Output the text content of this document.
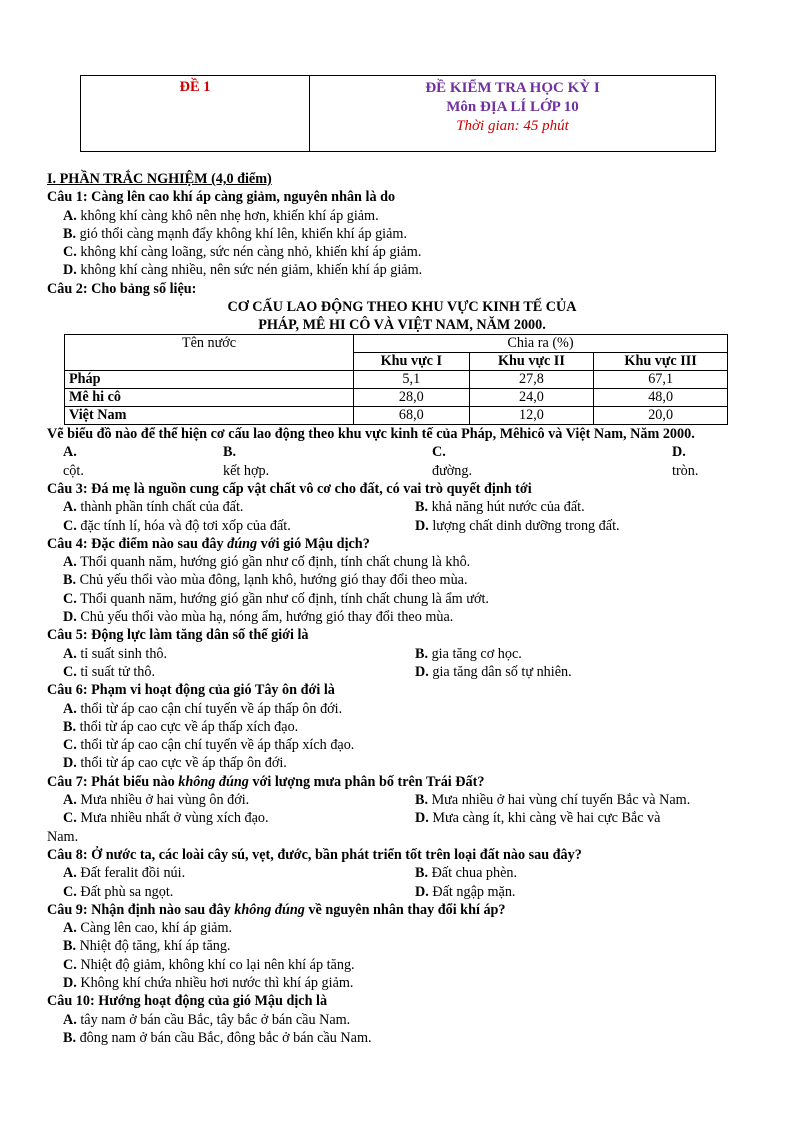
ĐỀ 1	ĐỀ KIỂM TRA HỌC KỲ I
Môn ĐỊA LÍ LỚP 10
Thời gian: 45 phút
I. PHẦN TRẮC NGHIỆM (4,0 điểm)
Câu 1: Càng lên cao khí áp càng giảm, nguyên nhân là do
A. không khí càng khô nên nhẹ hơn, khiến khí áp giảm.
B. gió thổi càng mạnh đẩy không khí lên, khiến khí áp giảm.
C. không khí càng loãng, sức nén càng nhỏ, khiến khí áp giảm.
D. không khí càng nhiều, nên sức nén giảm, khiến khí áp giảm.
Câu 2: Cho bảng số liệu:
CƠ CẤU LAO ĐỘNG THEO KHU VỰC KINH TẾ CỦA
PHÁP, MÊ HI CÔ VÀ VIỆT NAM, NĂM 2000.
Tên nước	Chia ra (%)		
	Khu vực I	Khu vực II	Khu vực III
Pháp	5,1	27,8	67,1
Mê hi cô	28,0	24,0	48,0
Việt Nam	68,0	12,0	20,0
Vẽ biểu đồ nào để thể hiện cơ cấu lao động theo khu vực kinh tế của Pháp, Mêhicô và Việt Nam, Năm 2000.
A.
cột.
B.
kết hợp.
C.
đường.
D.
tròn.
Câu 3: Đá mẹ là nguồn cung cấp vật chất vô cơ cho đất, có vai trò quyết định tới
A. thành phần tính chất của đất.	B. khả năng hút nước của đất.
C. đặc tính lí, hóa và độ tơi xốp của đất.	D. lượng chất dinh dưỡng trong đất.
Câu 4: Đặc điểm nào sau đây đúng với gió Mậu dịch?
A. Thổi quanh năm, hướng gió gần như cố định, tính chất chung là khô.
B. Chủ yếu thổi vào mùa đông, lạnh khô, hướng gió thay đổi theo mùa.
C. Thổi quanh năm, hướng gió gần như cố định, tính chất chung là ẩm ướt.
D. Chủ yếu thổi vào mùa hạ, nóng ẩm, hướng gió thay đổi theo mùa.
Câu 5: Động lực làm tăng dân số thế giới là
A. tỉ suất sinh thô.	B. gia tăng cơ học.
C. tỉ suất tử thô.	D. gia tăng dân số tự nhiên.
Câu 6: Phạm vi hoạt động của gió Tây ôn đới là
A. thổi từ áp cao cận chí tuyến về áp thấp ôn đới.
B. thổi từ áp cao cực về áp thấp xích đạo.
C. thổi từ áp cao cận chí tuyến về áp thấp xích đạo.
D. thổi từ áp cao cực về áp thấp ôn đới.
Câu 7: Phát biểu nào không đúng với lượng mưa phân bố trên Trái Đất?
A. Mưa nhiều ở hai vùng ôn đới.	B. Mưa nhiều ở hai vùng chí tuyến Bắc và Nam.
C. Mưa nhiều nhất ở vùng xích đạo.	D. Mưa càng ít, khi càng về hai cực Bắc và
Nam.
Câu 8: Ở nước ta, các loài cây sú, vẹt, đước, bần phát triển tốt trên loại đất nào sau đây?
A. Đất feralit đồi núi.	B. Đất chua phèn.
C. Đất phù sa ngọt.	D. Đất ngập mặn.
Câu 9: Nhận định nào sau đây không đúng về nguyên nhân thay đổi khí áp?
A. Càng lên cao, khí áp giảm.
B. Nhiệt độ tăng, khí áp tăng.
C. Nhiệt độ giảm, không khí co lại nên khí áp tăng.
D. Không khí chứa nhiều hơi nước thì khí áp giảm.
Câu 10: Hướng hoạt động của gió Mậu dịch là
A. tây nam ở bán cầu Bắc, tây bắc ở bán cầu Nam.
B. đông nam ở bán cầu Bắc, đông bắc ở bán cầu Nam.
